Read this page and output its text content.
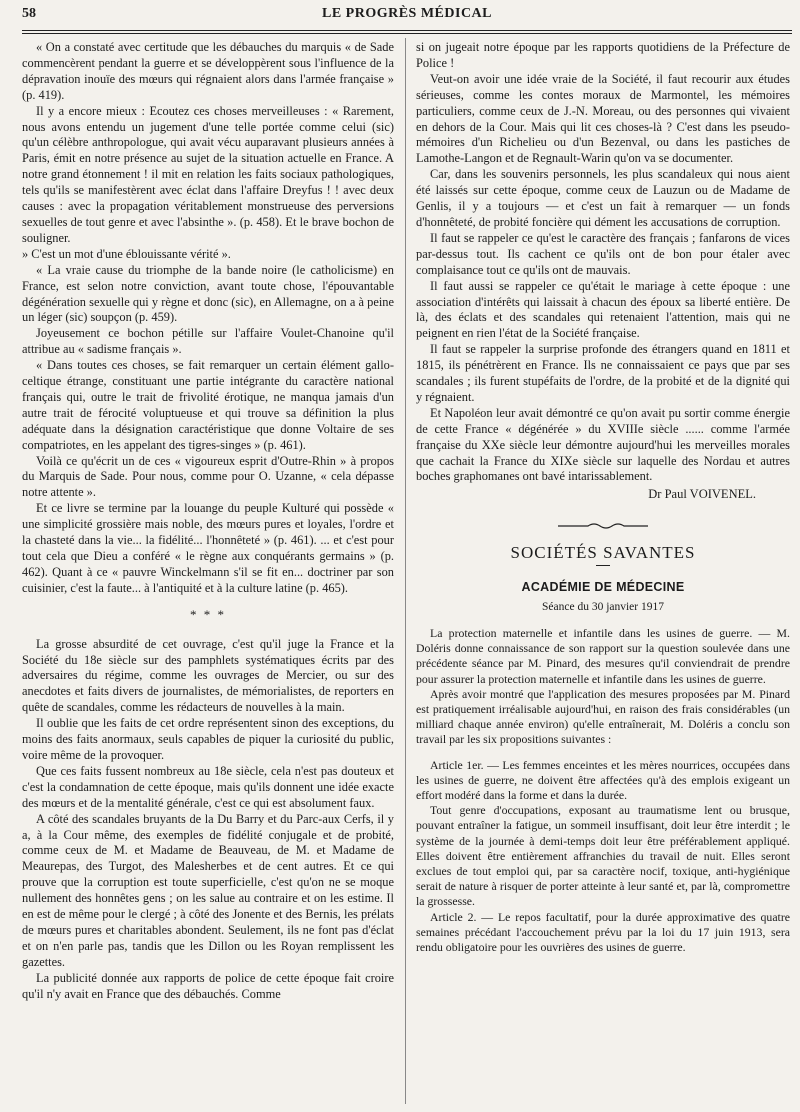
58	LE PROGRÈS MÉDICAL

« On a constaté avec certitude que les débauches du marquis « de Sade commencèrent pendant la guerre et se développèrent sous l'influence de la dépravation inouïe des mœurs qui régnaient alors dans l'armée française » (p. 419).

Il y a encore mieux : Ecoutez ces choses merveilleuses : « Rarement, nous avons entendu un jugement d'une telle portée comme celui (sic) qu'un célèbre anthropologue, qui avait vécu auparavant plusieurs années à Paris, émit en notre présence au sujet de la situation actuelle en France. A notre grand étonnement ! il mit en relation les faits sociaux pathologiques, tels qu'ils se manifestèrent avec éclat dans l'affaire Dreyfus ! ! avec deux causes : avec la propagation véritablement monstrueuse des perversions sexuelles de tout genre et avec l'absinthe ». (p. 458). Et le brave bochon de souligner.

» C'est un mot d'une éblouissante vérité ».

« La vraie cause du triomphe de la bande noire (le catholicisme) en France, est selon notre conviction, avant toute chose, l'épouvantable dégénération sexuelle qui y règne et donc (sic), en Allemagne, on a à peine un léger (sic) soupçon (p. 459).

Joyeusement ce bochon pétille sur l'affaire Voulet-Chanoine qu'il attribue au « sadisme français ».

« Dans toutes ces choses, se fait remarquer un certain élément gallo-celtique étrange, constituant une partie intégrante du caractère national français qui, outre le trait de frivolité érotique, ne manqua jamais d'un autre trait de férocité voluptueuse et qui trouve sa définition la plus adéquate dans la désignation caractéristique que donne Voltaire de ses compatriotes, en les appelant des tigres-singes » (p. 461).

Voilà ce qu'écrit un de ces « vigoureux esprit d'Outre-Rhin » à propos du Marquis de Sade. Pour nous, comme pour O. Uzanne, « cela dépasse notre attente ».

Et ce livre se termine par la louange du peuple Kulturé qui possède « une simplicité grossière mais noble, des mœurs pures et loyales, l'ordre et la chasteté dans la vie... la fidélité... l'honnêteté » (p. 461). ... et c'est pour tout cela que Dieu a conféré « le règne aux conquérants germains » (p. 462). Quant à ce « pauvre Winckelmann s'il se fit en... doctriner par son cuisinier, c'est la faute... à l'antiquité et à la culture latine (p. 465).

* * *

La grosse absurdité de cet ouvrage, c'est qu'il juge la France et la Société du 18e siècle sur des pamphlets systématiques écrits par des adversaires du régime, comme les ouvrages de Mercier, ou sur des anecdotes et faits divers de journalistes, de mémorialistes, de reporters en quête de scandales, comme les rédacteurs de nouvelles à la main.

Il oublie que les faits de cet ordre représentent sinon des exceptions, du moins des faits anormaux, seuls capables de piquer la curiosité du public, voire même de la provoquer.

Que ces faits fussent nombreux au 18e siècle, cela n'est pas douteux et c'est la condamnation de cette époque, mais qu'ils donnent une idée exacte des mœurs et de la mentalité générale, c'est ce qui est absolument faux.

A côté des scandales bruyants de la Du Barry et du Parc-aux Cerfs, il y a, à la Cour même, des exemples de fidélité conjugale et de probité, comme ceux de M. et Madame de Beauveau, de M. et Madame de Meaurepas, des Turgot, des Malesherbes et de cent autres. Et ce qui prouve que la corruption est toute superficielle, c'est qu'on ne se moque nullement des honnêtes gens ; on les salue au contraire et on les estime. Il en est de même pour le clergé ; à côté des Jonente et des Bernis, les prélats de mœurs pures et charitables abondent. Seulement, ils ne font pas d'éclat et on n'en parle pas, tandis que les Dillon ou les Royan remplissent les gazettes.

La publicité donnée aux rapports de police de cette époque fait croire qu'il n'y avait en France que des débauchés. Comme

si on jugeait notre époque par les rapports quotidiens de la Préfecture de Police !

Veut-on avoir une idée vraie de la Société, il faut recourir aux études sérieuses, comme les contes moraux de Marmontel, les mémoires particuliers, comme ceux de J.-N. Moreau, ou des personnes qui vivaient en dehors de la Cour. Mais qui lit ces choses-là ? C'est dans les pseudo-mémoires d'un Richelieu ou d'un Bezenval, ou dans les pastiches de Lamothe-Langon et de Regnault-Warin qu'on va se documenter.

Car, dans les souvenirs personnels, les plus scandaleux qui nous aient été laissés sur cette époque, comme ceux de Lauzun ou de Madame de Genlis, il y a toujours — et c'est un fait à remarquer — un fonds d'honnêteté, de probité foncière qui dément les accusations de corruption.

Il faut se rappeler ce qu'est le caractère des français ; fanfarons de vices par-dessus tout. Ils cachent ce qu'ils ont de bon pour étaler avec complaisance tout ce qu'ils ont de mauvais.

Il faut aussi se rappeler ce qu'était le mariage à cette époque : une association d'intérêts qui laissait à chacun des époux sa liberté entière. De là, des éclats et des scandales qui retenaient l'attention, mais qui ne peignent en rien l'état de la Société française.

Il faut se rappeler la surprise profonde des étrangers quand en 1811 et 1815, ils pénétrèrent en France. Ils ne connaissaient ce pays que par ses scandales ; ils furent stupéfaits de l'ordre, de la probité et de la dignité qui y régnaient.

Et Napoléon leur avait démontré ce qu'on avait pu sortir comme énergie de cette France « dégénérée » du XVIIIe siècle ...... comme l'armée française du XXe siècle leur démontre aujourd'hui les merveilles morales que cachait la France du XIXe siècle sur laquelle des Nordau et autres boches graphomanes ont bavé intarissablement.

Dr Paul VOIVENEL.
SOCIÉTÉS SAVANTES
ACADÉMIE DE MÉDECINE
Séance du 30 janvier 1917

La protection maternelle et infantile dans les usines de guerre. — M. Doléris donne connaissance de son rapport sur la question soulevée dans une précédente séance par M. Pinard, des mesures qu'il conviendrait de prendre pour assurer la protection maternelle et infantile dans les usines de guerre.

Après avoir montré que l'application des mesures proposées par M. Pinard est pratiquement irréalisable aujourd'hui, en raison des frais considérables (un milliard chaque année environ) qu'elle entraînerait, M. Doléris a conclu son travail par les six propositions suivantes :

Article 1er. — Les femmes enceintes et les mères nourrices, occupées dans les usines de guerre, ne doivent être affectées qu'à des emplois exigeant un effort modéré dans la forme et dans la durée.

Tout genre d'occupations, exposant au traumatisme lent ou brusque, pouvant entraîner la fatigue, un sommeil insuffisant, doit leur être interdit ; le système de la journée à demi-temps doit leur être préférablement appliqué. Elles doivent être entièrement affranchies du travail de nuit. Elles seront exclues de tout emploi qui, par sa caractère nocif, toxique, anti-hygiénique serait de nature à risquer de porter atteinte à leur santé et, par là, compromettre la grossesse.

Article 2. — Le repos facultatif, pour la durée approximative des quatre semaines précédant l'accouchement prévu par la loi du 17 juin 1913, sera rendu obligatoire pour les ouvrières des usines de guerre.
